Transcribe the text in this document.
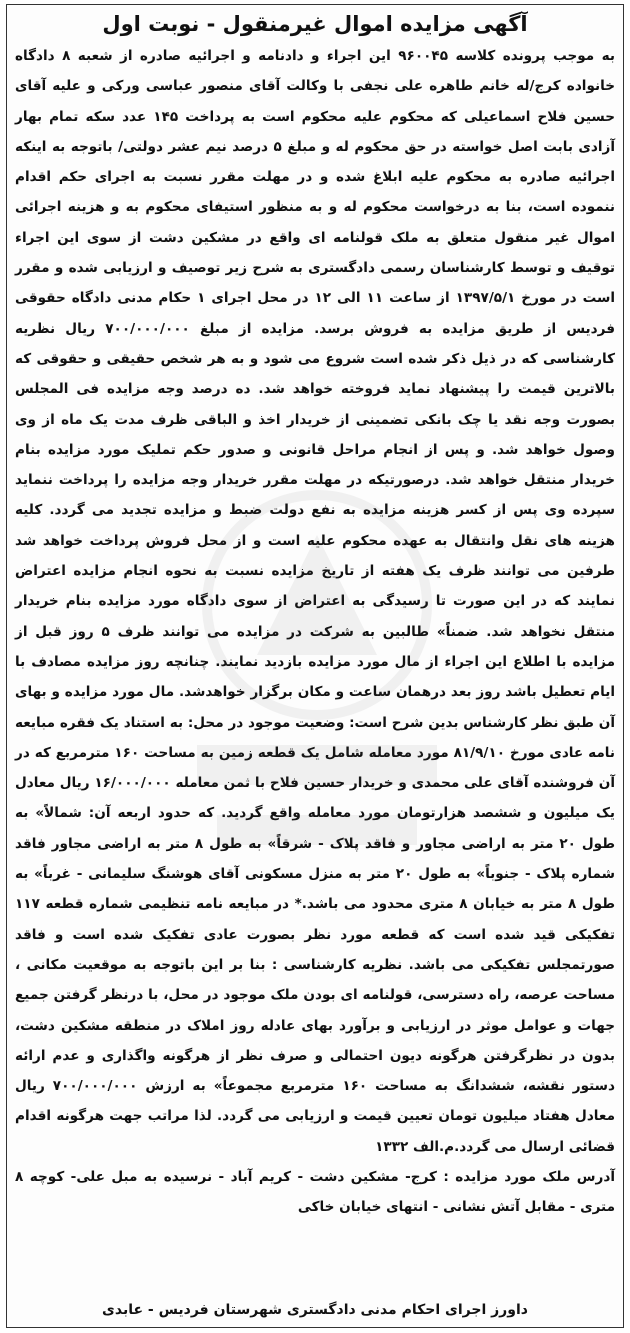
آگهی مزایده اموال غیرمنقول - نوبت اول

به موجب پرونده کلاسه ۹۶۰۰۴۵ این اجراء و دادنامه و اجرائیه صادره از شعبه ۸ دادگاه خانواده کرج/له خانم طاهره علی نجفی با وکالت آقای منصور عباسی ورکی و علیه آقای حسین فلاح اسماعیلی که محکوم علیه محکوم است به پرداخت ۱۴۵ عدد سکه تمام بهار آزادی بابت اصل خواسته در حق محکوم له و مبلغ ۵ درصد نیم عشر دولتی/ باتوجه به اینکه اجرائیه صادره به محکوم علیه ابلاغ شده و در مهلت مقرر نسبت به اجرای حکم اقدام ننموده است، بنا به درخواست محکوم له و به منظور استیفای محکوم به و هزینه اجرائی اموال غیر منقول متعلق به ملک قولنامه ای واقع در مشکین دشت از سوی این اجراء توقیف و توسط کارشناسان رسمی دادگستری به شرح زیر توصیف و ارزیابی شده و مقرر است در مورخ ۱۳۹۷/۵/۱ از ساعت ۱۱ الی ۱۲ در محل اجرای ۱ حکام مدنی دادگاه حقوقی فردیس از طریق مزایده به فروش برسد. مزایده از مبلغ ۷۰۰/۰۰۰/۰۰۰ ریال نظریه کارشناسی که در ذیل ذکر شده است شروع می شود و به هر شخص حقیقی و حقوقی که بالاترین قیمت را پیشنهاد نماید فروخته خواهد شد. ده درصد وجه مزایده فی المجلس بصورت وجه نقد یا چک بانکی تضمینی از خریدار اخذ و الباقی ظرف مدت یک ماه از وی وصول خواهد شد. و پس از انجام مراحل قانونی و صدور حکم تملیک مورد مزایده بنام خریدار منتقل خواهد شد. درصورتیکه در مهلت مقرر خریدار وجه مزایده را پرداخت ننماید سپرده وی پس از کسر هزینه مزایده به نفع دولت ضبط و مزایده تجدید می گردد. کلیه هزینه های نقل وانتقال به عهده محکوم علیه است و از محل فروش پرداخت خواهد شد طرفین می توانند ظرف یک هفته از تاریخ مزایده نسبت به نحوه انجام مزایده اعتراض نمایند که در این صورت تا رسیدگی به اعتراض از سوی دادگاه مورد مزایده بنام خریدار منتقل نخواهد شد. ضمناً» طالبین به شرکت در مزایده می توانند ظرف ۵ روز قبل از مزایده با اطلاع این اجراء از مال مورد مزایده بازدید نمایند. چنانچه روز مزایده مصادف با ایام تعطیل باشد روز بعد درهمان ساعت و مکان برگزار خواهدشد. مال مورد مزایده و بهای آن طبق نظر کارشناس بدین شرح است: وضعیت موجود در محل: به استناد یک فقره مبایعه نامه عادی مورخ ۸۱/۹/۱۰ مورد معامله شامل یک قطعه زمین به مساحت ۱۶۰ مترمربع که در آن فروشنده آقای علی محمدی و خریدار حسین فلاح با ثمن معامله ۱۶/۰۰۰/۰۰۰ ریال معادل یک میلیون و ششصد هزارتومان مورد معامله واقع گردید. که حدود اربعه آن: شمالاً» به طول ۲۰ متر به اراضی مجاور و فاقد پلاک - شرقاً» به طول ۸ متر به اراضی مجاور فاقد شماره پلاک - جنوباً» به طول ۲۰ متر به منزل مسکونی آقای هوشنگ سلیمانی - غرباً» به طول ۸ متر به خیابان ۸ متری محدود می باشد.* در مبایعه نامه تنظیمی شماره قطعه ۱۱۷ تفکیکی قید شده است که قطعه مورد نظر بصورت عادی تفکیک شده است و فاقد صورتمجلس تفکیکی می باشد. نظریه کارشناسی : بنا بر این باتوجه به موقعیت مکانی ، مساحت عرصه، راه دسترسی، قولنامه ای بودن ملک موجود در محل، با درنظر گرفتن جمیع جهات و عوامل موثر در ارزیابی و برآورد بهای عادله روز املاک در منطقه مشکین دشت، بدون در نظرگرفتن هرگونه دیون احتمالی و صرف نظر از هرگونه واگذاری و عدم ارائه دستور نقشه، ششدانگ به مساحت ۱۶۰ مترمربع مجموعاً» به ارزش ۷۰۰/۰۰۰/۰۰۰ ریال معادل هفتاد میلیون تومان تعیین قیمت و ارزیابی می گردد. لذا مراتب جهت هرگونه اقدام قضائی ارسال می گردد.م.الف ۱۳۳۲

آدرس ملک مورد مزایده : کرج- مشکین دشت - کریم آباد - نرسیده به مبل علی- کوچه ۸ متری - مقابل آتش نشانی - انتهای خیابان خاکی
داورز اجرای احکام مدنی دادگستری شهرستان فردیس - عابدی
